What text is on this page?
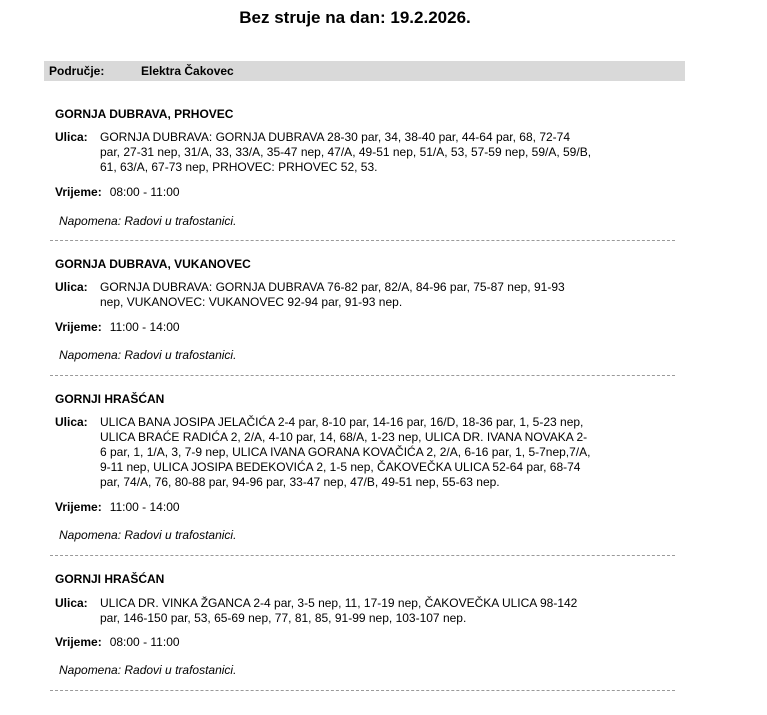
Bez struje na dan: 19.2.2026.
Područje:	Elektra Čakovec
GORNJA DUBRAVA, PRHOVEC
Ulica: GORNJA DUBRAVA: GORNJA DUBRAVA 28-30 par, 34, 38-40 par, 44-64 par, 68, 72-74
par, 27-31 nep, 31/A, 33, 33/A, 35-47 nep, 47/A, 49-51 nep, 51/A, 53, 57-59 nep, 59/A, 59/B,
61, 63/A, 67-73 nep, PRHOVEC: PRHOVEC 52, 53.
Vrijeme: 08:00 - 11:00
Napomena: Radovi u trafostanici.
GORNJA DUBRAVA, VUKANOVEC
Ulica: GORNJA DUBRAVA: GORNJA DUBRAVA 76-82 par, 82/A, 84-96 par, 75-87 nep, 91-93
nep, VUKANOVEC: VUKANOVEC 92-94 par, 91-93 nep.
Vrijeme: 11:00 - 14:00
Napomena: Radovi u trafostanici.
GORNJI HRAŠĆAN
Ulica: ULICA BANA JOSIPA JELAČIĆA 2-4 par, 8-10 par, 14-16 par, 16/D, 18-36 par, 1, 5-23 nep,
ULICA BRAĆE RADIĆA 2, 2/A, 4-10 par, 14, 68/A, 1-23 nep, ULICA DR. IVANA NOVAKA 2-
6 par, 1, 1/A, 3, 7-9 nep, ULICA IVANA GORANA KOVAČIĆA 2, 2/A, 6-16 par, 1, 5-7nep,7/A,
9-11 nep, ULICA JOSIPA BEDEKOVIĆA 2, 1-5 nep, ČAKOVEČKA ULICA 52-64 par, 68-74
par, 74/A, 76, 80-88 par, 94-96 par, 33-47 nep, 47/B, 49-51 nep, 55-63 nep.
Vrijeme: 11:00 - 14:00
Napomena: Radovi u trafostanici.
GORNJI HRAŠĆAN
Ulica: ULICA DR. VINKA ŽGANCA 2-4 par, 3-5 nep, 11, 17-19 nep, ČAKOVEČKA ULICA 98-142
par, 146-150 par, 53, 65-69 nep, 77, 81, 85, 91-99 nep, 103-107 nep.
Vrijeme: 08:00 - 11:00
Napomena: Radovi u trafostanici.
